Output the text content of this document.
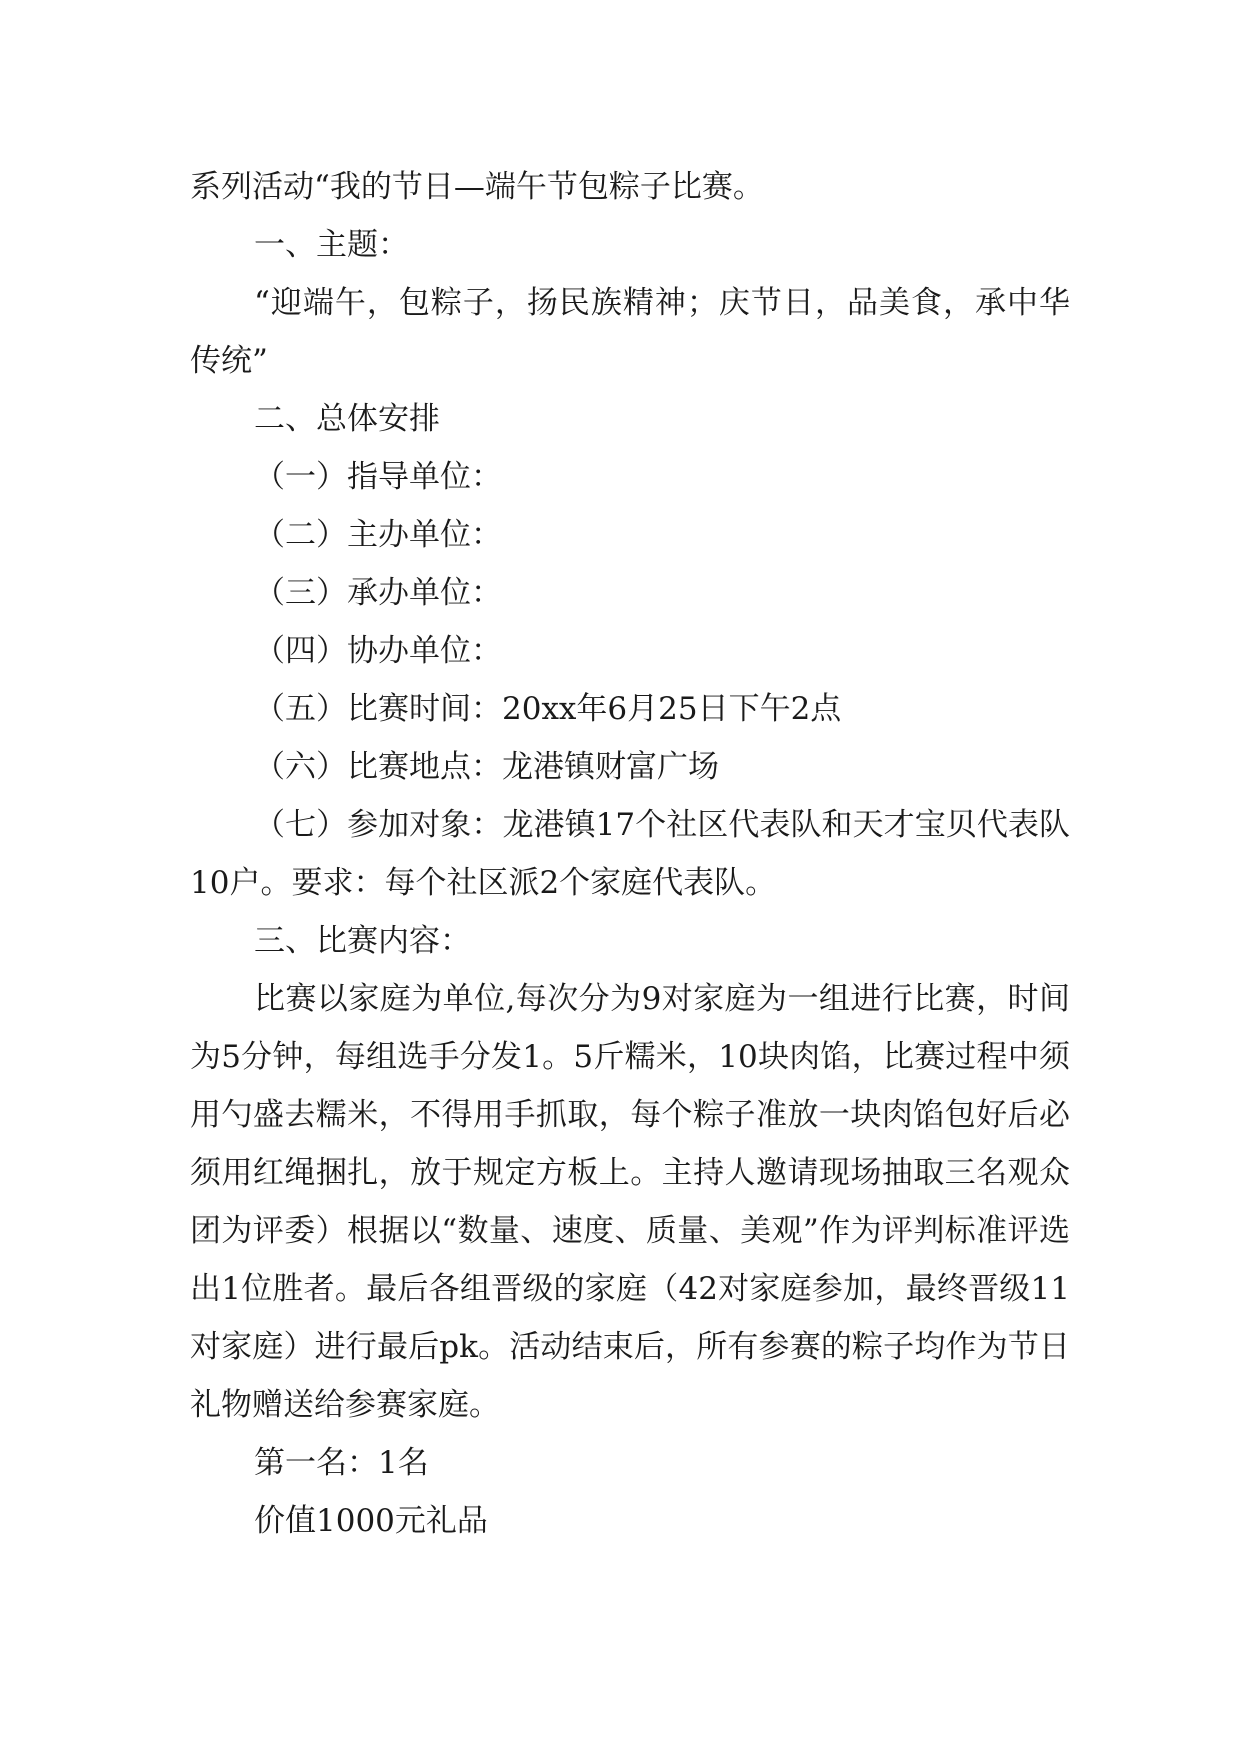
系列活动“我的节日—端午节包粽子比赛。

一、主题：

“迎端午，包粽子，扬民族精神；庆节日，品美食，承中华传统”

二、总体安排

（一）指导单位：

（二）主办单位：

（三）承办单位：

（四）协办单位：

（五）比赛时间：20xx年6月25日下午2点

（六）比赛地点：龙港镇财富广场

（七）参加对象：龙港镇17个社区代表队和天才宝贝代表队10户。要求：每个社区派2个家庭代表队。

三、比赛内容：

比赛以家庭为单位,每次分为9对家庭为一组进行比赛，时间为5分钟，每组选手分发1。5斤糯米，10块肉馅，比赛过程中须用勺盛去糯米，不得用手抓取，每个粽子准放一块肉馅包好后必须用红绳捆扎，放于规定方板上。主持人邀请现场抽取三名观众团为评委）根据以“数量、速度、质量、美观”作为评判标准评选出1位胜者。最后各组晋级的家庭（42对家庭参加，最终晋级11对家庭）进行最后pk。活动结束后，所有参赛的粽子均作为节日礼物赠送给参赛家庭。

第一名：1名

价值1000元礼品
